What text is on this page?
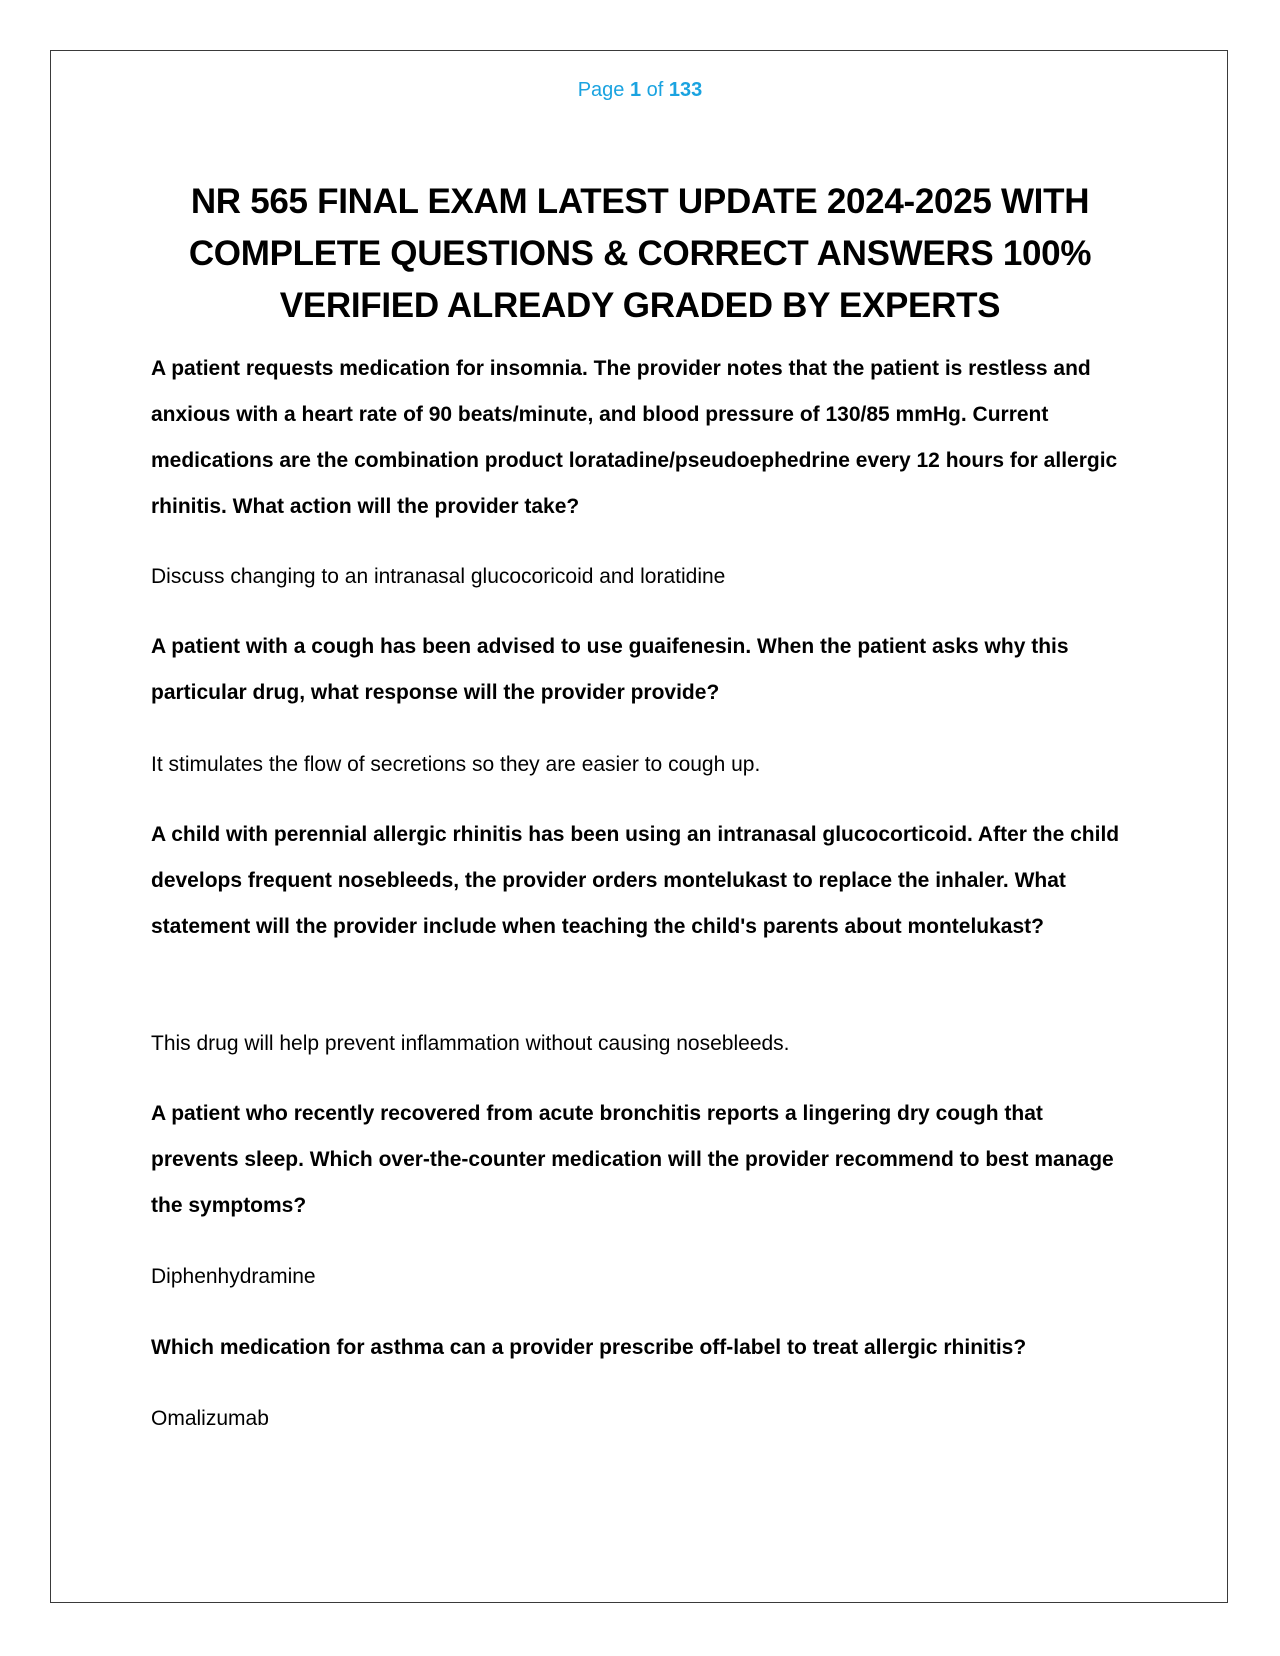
Page 1 of 133
NR 565 FINAL EXAM LATEST UPDATE 2024-2025 WITH COMPLETE QUESTIONS & CORRECT ANSWERS 100% VERIFIED ALREADY GRADED BY EXPERTS

A patient requests medication for insomnia. The provider notes that the patient is restless and anxious with a heart rate of 90 beats/minute, and blood pressure of 130/85 mmHg. Current medications are the combination product loratadine/pseudoephedrine every 12 hours for allergic rhinitis. What action will the provider take?

Discuss changing to an intranasal glucocoricoid and loratidine

A patient with a cough has been advised to use guaifenesin. When the patient asks why this particular drug, what response will the provider provide?

It stimulates the flow of secretions so they are easier to cough up.

A child with perennial allergic rhinitis has been using an intranasal glucocorticoid. After the child develops frequent nosebleeds, the provider orders montelukast to replace the inhaler. What statement will the provider include when teaching the child's parents about montelukast?

This drug will help prevent inflammation without causing nosebleeds.

A patient who recently recovered from acute bronchitis reports a lingering dry cough that prevents sleep. Which over-the-counter medication will the provider recommend to best manage the symptoms?

Diphenhydramine

Which medication for asthma can a provider prescribe off-label to treat allergic rhinitis?

Omalizumab
